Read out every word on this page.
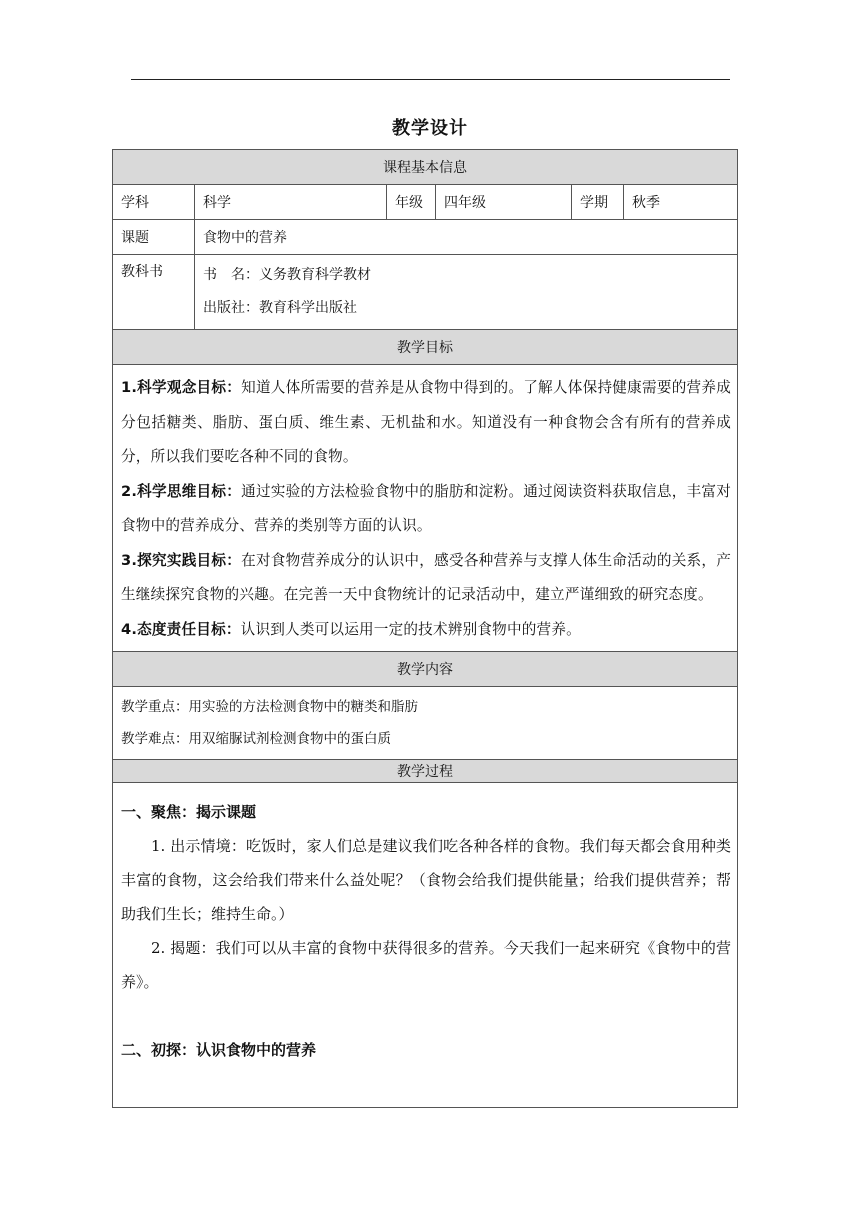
教学设计
课程基本信息					
学科	科学	年级	四年级	学期	秋季
课题	食物中的营养				
教科书	书　名：义务教育科学教材
出版社：教育科学出版社				

教学目标					

1.科学观念目标：知道人体所需要的营养是从食物中得到的。了解人体保持健康需要的营养成分包括糖类、脂肪、蛋白质、维生素、无机盐和水。知道没有一种食物会含有所有的营养成分，所以我们要吃各种不同的食物。

2.科学思维目标：通过实验的方法检验食物中的脂肪和淀粉。通过阅读资料获取信息，丰富对食物中的营养成分、营养的类别等方面的认识。

3.探究实践目标：在对食物营养成分的认识中，感受各种营养与支撑人体生命活动的关系，产生继续探究食物的兴趣。在完善一天中食物统计的记录活动中，建立严谨细致的研究态度。

4.态度责任目标：认识到人类可以运用一定的技术辨别食物中的营养。					

教学内容					

教学重点：用实验的方法检测食物中的糖类和脂肪
教学难点：用双缩脲试剂检测食物中的蛋白质					

教学过程					

一、聚焦：揭示课题

1. 出示情境：吃饭时，家人们总是建议我们吃各种各样的食物。我们每天都会食用种类丰富的食物，这会给我们带来什么益处呢？（食物会给我们提供能量；给我们提供营养；帮助我们生长；维持生命。）

2. 揭题：我们可以从丰富的食物中获得很多的营养。今天我们一起来研究《食物中的营养》。

二、初探：认识食物中的营养					
